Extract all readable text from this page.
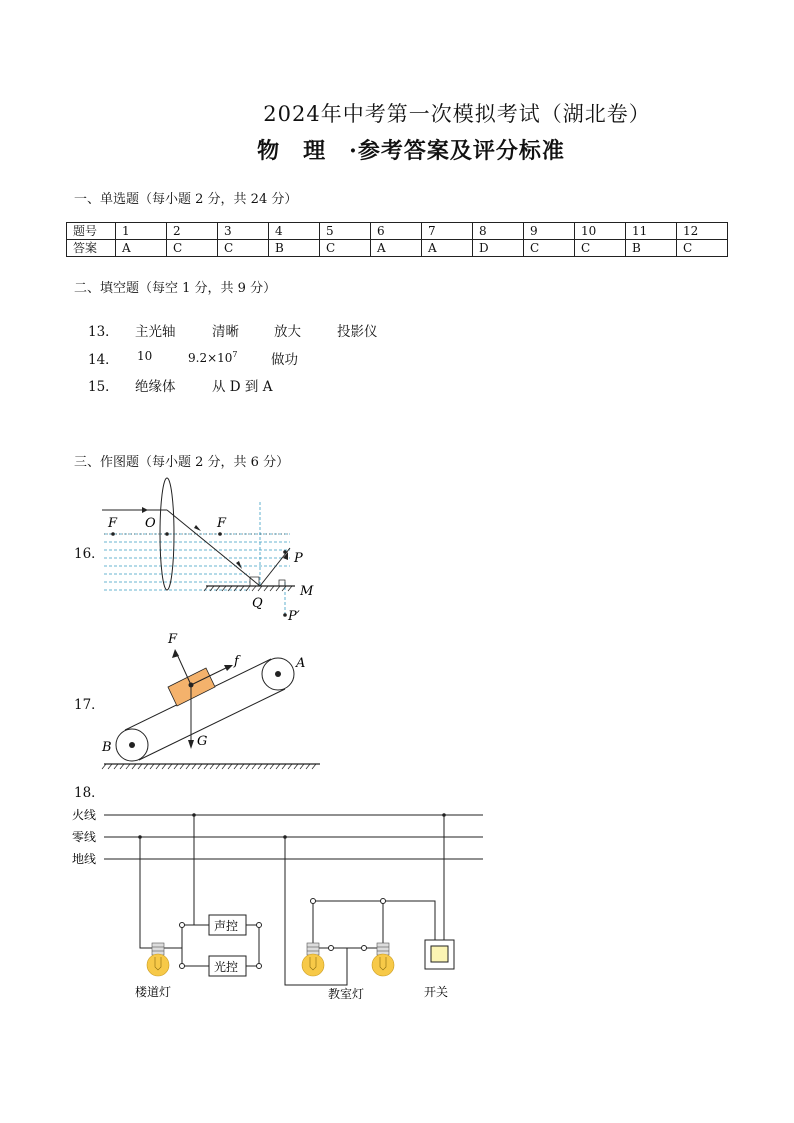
2024年中考第一次模拟考试（湖北卷）
物　理　·参考答案及评分标准
一、单选题（每小题 2 分，共 24 分）
题号	1	2	3	4	5	6	7	8	9	10	11	12
答案	A	C	C	B	C	A	A	D	C	C	B	C
二、填空题（每空 1 分，共 9 分）
13． 主光轴	清晰	放大	投影仪
14． 10	$9.2\times 10^7$ 做功
15． 绝缘体	从 D 到 A
三、作图题（每小题 2 分，共 6 分）
16．
F O	F
P
Q
M
P′
17．
F
f	A
B	G
18．
火线
零线
地线
声控
光控
楼道灯	教室灯	开关
